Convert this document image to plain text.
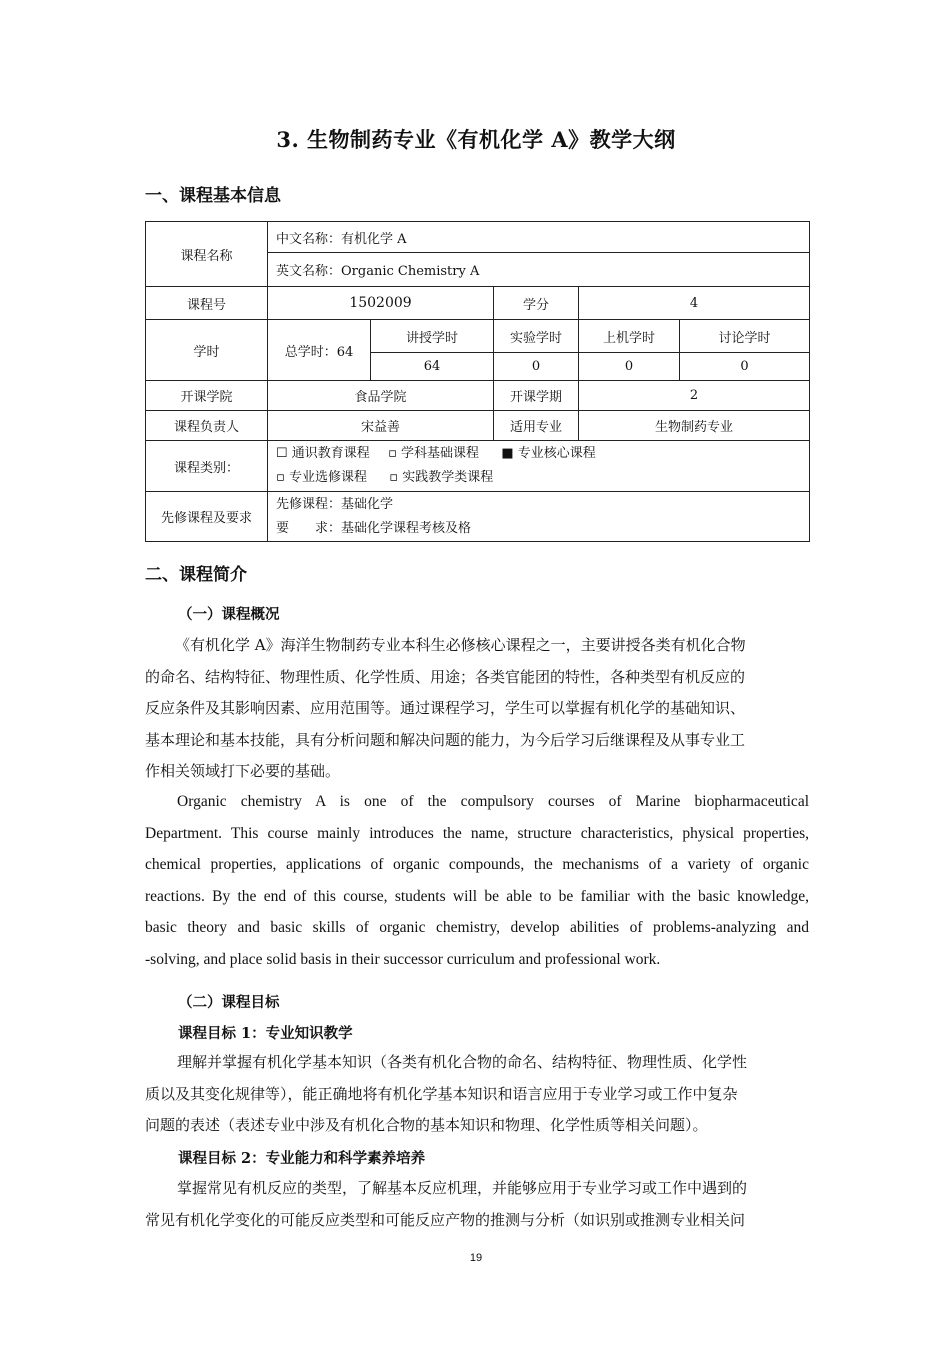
3. 生物制药专业《有机化学 A》教学大纲
一、课程基本信息
课程名称	中文名称：有机化学 A				
	英文名称：Organic Chemistry A				
课程号	1502009		学分	4	
学时	总学时：64	讲授学时	实验学时	上机学时	讨论学时
		64	0	0	0
开课学院	食品学院		开课学期	2	
课程负责人	宋益善		适用专业	生物制药专业	
课程类别：	☐ 通识教育课程 ▫ 学科基础课程 ■ 专业核心课程
▫ 专业选修课程 ▫ 实践教学类课程				

先修课程及要求	先修课程：基础化学
要　　求：基础化学课程考核及格				
二、课程简介
（一）课程概况
《有机化学 A》海洋生物制药专业本科生必修核心课程之一，主要讲授各类有机化合物
的命名、结构特征、物理性质、化学性质、用途；各类官能团的特性，各种类型有机反应的
反应条件及其影响因素、应用范围等。通过课程学习，学生可以掌握有机化学的基础知识、
基本理论和基本技能，具有分析问题和解决问题的能力，为今后学习后继课程及从事专业工
作相关领域打下必要的基础。
Organic chemistry A is one of the compulsory courses of Marine biopharmaceutical
Department. This course mainly introduces the name, structure characteristics, physical properties,
chemical properties, applications of organic compounds, the mechanisms of a variety of organic
reactions. By the end of this course, students will be able to be familiar with the basic knowledge,
basic theory and basic skills of organic chemistry, develop abilities of problems-analyzing and
-solving, and place solid basis in their successor curriculum and professional work.
（二）课程目标
课程目标 1：专业知识教学
理解并掌握有机化学基本知识（各类有机化合物的命名、结构特征、物理性质、化学性
质以及其变化规律等），能正确地将有机化学基本知识和语言应用于专业学习或工作中复杂
问题的表述（表述专业中涉及有机化合物的基本知识和物理、化学性质等相关问题）。
课程目标 2：专业能力和科学素养培养
掌握常见有机反应的类型，了解基本反应机理，并能够应用于专业学习或工作中遇到的
常见有机化学变化的可能反应类型和可能反应产物的推测与分析（如识别或推测专业相关问
19
